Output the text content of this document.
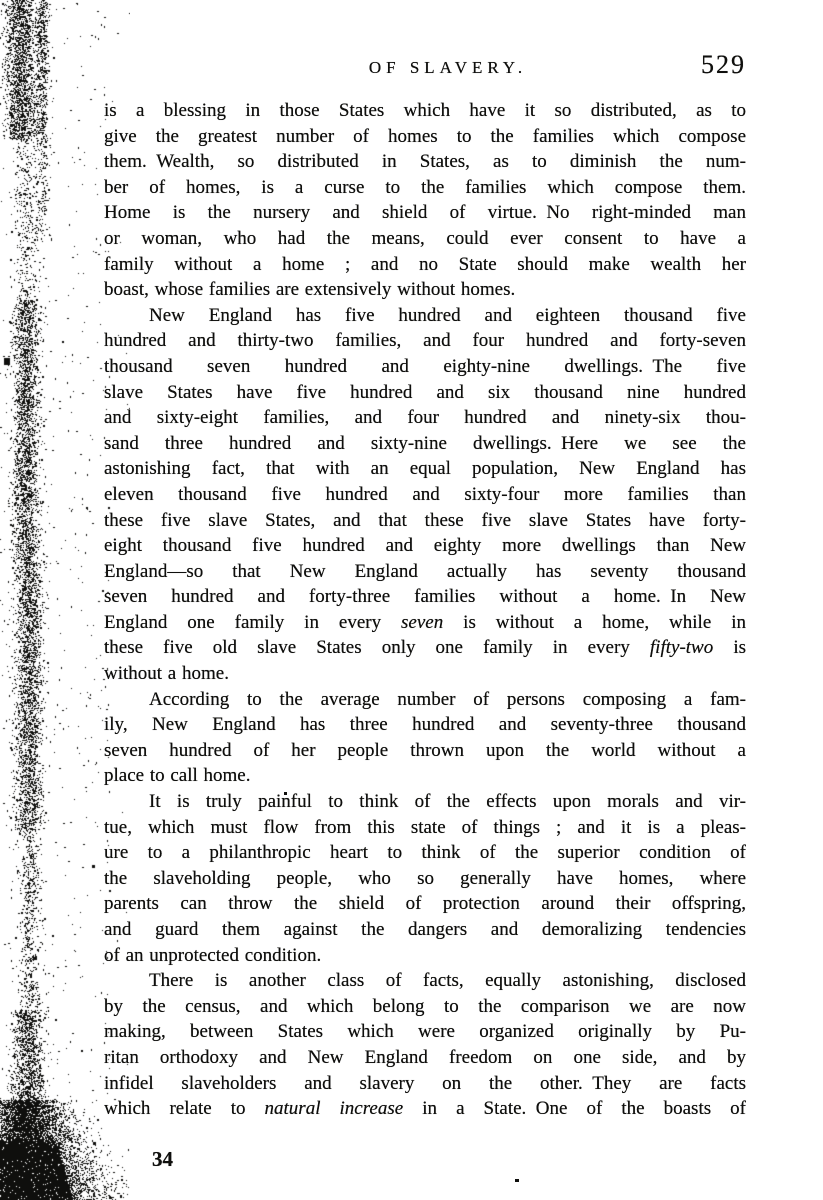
OF SLAVERY.	529
is a blessing in those States which have it so distributed, as to
give the greatest number of homes to the families which compose
them. Wealth, so distributed in States, as to diminish the num-
ber of homes, is a curse to the families which compose them.
Home is the nursery and shield of virtue. No right-minded man
or woman, who had the means, could ever consent to have a
family without a home ; and no State should make wealth her
boast, whose families are extensively without homes.
New England has five hundred and eighteen thousand five
hundred and thirty-two families, and four hundred and forty-seven
thousand seven hundred and eighty-nine dwellings. The five
slave States have five hundred and six thousand nine hundred
and sixty-eight families, and four hundred and ninety-six thou-
sand three hundred and sixty-nine dwellings. Here we see the
astonishing fact, that with an equal population, New England has
eleven thousand five hundred and sixty-four more families than
these five slave States, and that these five slave States have forty-
eight thousand five hundred and eighty more dwellings than New
England—so that New England actually has seventy thousand
seven hundred and forty-three families without a home. In New
England one family in every seven is without a home, while in
these five old slave States only one family in every fifty-two is
without a home.
According to the average number of persons composing a fam-
ily, New England has three hundred and seventy-three thousand
seven hundred of her people thrown upon the world without a
place to call home.
It is truly painful to think of the effects upon morals and vir-
tue, which must flow from this state of things ; and it is a pleas-
ure to a philanthropic heart to think of the superior condition of
the slaveholding people, who so generally have homes, where
parents can throw the shield of protection around their offspring,
and guard them against the dangers and demoralizing tendencies
of an unprotected condition.
There is another class of facts, equally astonishing, disclosed
by the census, and which belong to the comparison we are now
making, between States which were organized originally by Pu-
ritan orthodoxy and New England freedom on one side, and by
infidel slaveholders and slavery on the other. They are facts
which relate to natural increase in a State. One of the boasts of
34
